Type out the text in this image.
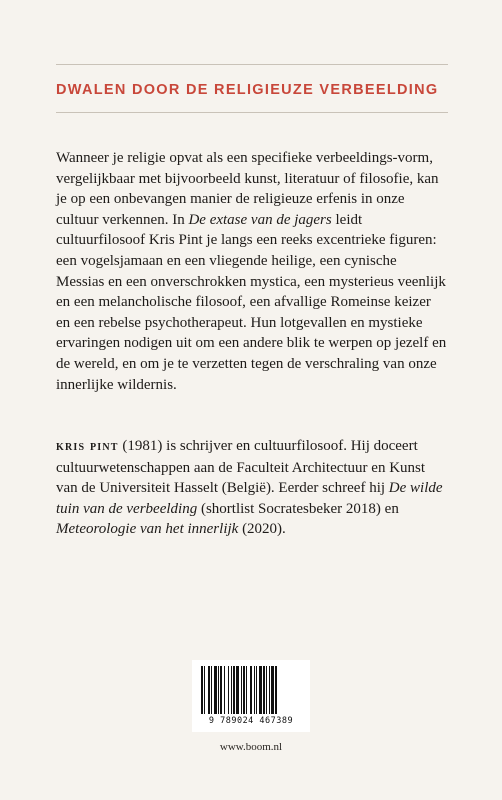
DWALEN DOOR DE RELIGIEUZE VERBEELDING

Wanneer je religie opvat als een specifieke verbeeldings-vorm, vergelijkbaar met bijvoorbeeld kunst, literatuur of filosofie, kan je op een onbevangen manier de religieuze erfenis in onze cultuur verkennen. In De extase van de jagers leidt cultuurfilosoof Kris Pint je langs een reeks excentrieke figuren: een vogelsjamaan en een vliegende heilige, een cynische Messias en een onverschrokken mystica, een mysterieus veenlijk en een melancholische filosoof, een afvallige Romeinse keizer en een rebelse psychotherapeut. Hun lotgevallen en mystieke ervaringen nodigen uit om een andere blik te werpen op jezelf en de wereld, en om je te verzetten tegen de verschraling van onze innerlijke wildernis.

kris pint (1981) is schrijver en cultuurfilosoof. Hij doceert cultuurwetenschappen aan de Faculteit Architectuur en Kunst van de Universiteit Hasselt (België). Eerder schreef hij De wilde tuin van de verbeelding (shortlist Socratesbeker 2018) en Meteorologie van het innerlijk (2020).

9 789024 467389
www.boom.nl
